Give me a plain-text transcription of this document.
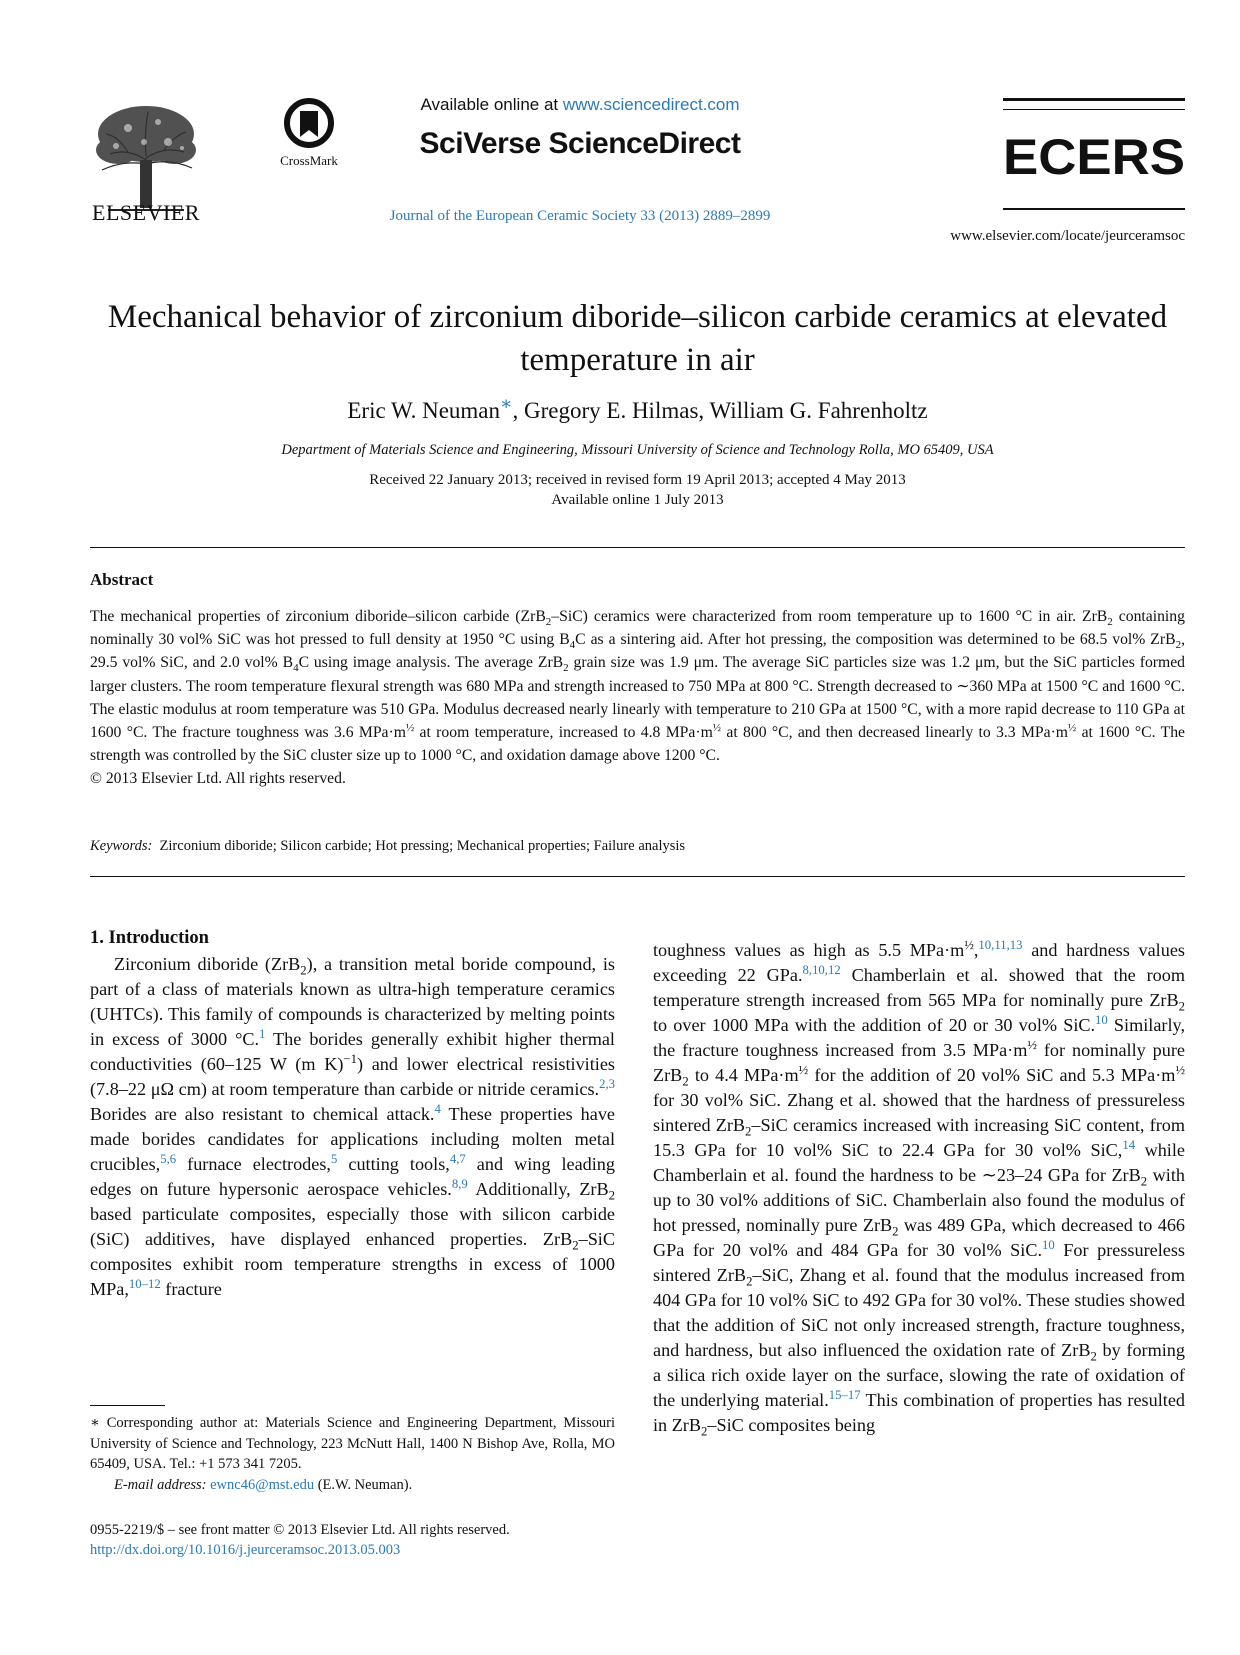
ELSEVIER
CrossMark
Available online at www.sciencedirect.com
SciVerse ScienceDirect
Journal of the European Ceramic Society 33 (2013) 2889–2899
ECERS
www.elsevier.com/locate/jeurceramsoc
Mechanical behavior of zirconium diboride–silicon carbide ceramics at elevated temperature in air
Eric W. Neuman∗, Gregory E. Hilmas, William G. Fahrenholtz
Department of Materials Science and Engineering, Missouri University of Science and Technology Rolla, MO 65409, USA
Received 22 January 2013; received in revised form 19 April 2013; accepted 4 May 2013
Available online 1 July 2013
Abstract

The mechanical properties of zirconium diboride–silicon carbide (ZrB$_2$–SiC) ceramics were characterized from room temperature up to 1600 °C in air. ZrB$_2$ containing nominally 30 vol% SiC was hot pressed to full density at 1950 °C using $B_4C$ as a sintering aid. After hot pressing, the composition was determined to be 68.5 vol% ZrB$_2$, 29.5 vol% SiC, and 2.0 vol% $B_4C$ using image analysis. The average ZrB$_2$ grain size was 1.9 μm. The average SiC particles size was 1.2 μm, but the SiC particles formed larger clusters. The room temperature flexural strength was 680 MPa and strength increased to 750 MPa at 800 °C. Strength decreased to ∼360 MPa at 1500 °C and 1600 °C. The elastic modulus at room temperature was 510 GPa. Modulus decreased nearly linearly with temperature to 210 GPa at 1500 °C, with a more rapid decrease to 110 GPa at 1600 °C. The fracture toughness was 3.6 $MPa\cdot m^{\frac{1}{2}}$ at room temperature, increased to 4.8 $MPa\cdot m^{\frac{1}{2}}$ at 800 °C, and then decreased linearly to 3.3 $MPa\cdot m^{\frac{1}{2}}$ at 1600 °C. The strength was controlled by the SiC cluster size up to 1000 °C, and oxidation damage above 1200 °C.

© 2013 Elsevier Ltd. All rights reserved.

Keywords: Zirconium diboride; Silicon carbide; Hot pressing; Mechanical properties; Failure analysis
1. Introduction

Zirconium diboride (ZrB$_2$), a transition metal boride compound, is part of a class of materials known as ultra-high temperature ceramics (UHTCs). This family of compounds is characterized by melting points in excess of 3000 °C.$^1$ The borides generally exhibit higher thermal conductivities (60–125 W (m K)$^{-1}$) and lower electrical resistivities (7.8–22 μΩ cm) at room temperature than carbide or nitride ceramics.$^{2,3}$ Borides are also resistant to chemical attack.$^4$ These properties have made borides candidates for applications including molten metal crucibles,$^{5,6}$ furnace electrodes,$^5$ cutting tools,$^{4,7}$ and wing leading edges on future hypersonic aerospace vehicles.$^{8,9}$ Additionally, ZrB$_2$ based particulate composites, especially those with silicon carbide (SiC) additives, have displayed enhanced properties. ZrB$_2$–SiC composites exhibit room temperature strengths in excess of 1000 MPa,$^{10-12}$ fracture

toughness values as high as 5.5 $MPa\cdot m^{\frac{1}{2}},^{10,11,13}$ and hardness values exceeding 22 GPa.$^{8,10,12}$ Chamberlain et al. showed that the room temperature strength increased from 565 MPa for nominally pure ZrB$_2$ to over 1000 MPa with the addition of 20 or 30 vol% SiC.$^{10}$ Similarly, the fracture toughness increased from 3.5 $MPa\cdot m^{\frac{1}{2}}$ for nominally pure ZrB$_2$ to 4.4 $MPa\cdot m^{\frac{1}{2}}$ for the addition of 20 vol% SiC and 5.3 $MPa\cdot m^{\frac{1}{2}}$ for 30 vol% SiC. Zhang et al. showed that the hardness of pressureless sintered ZrB$_2$–SiC ceramics increased with increasing SiC content, from 15.3 GPa for 10 vol% SiC to 22.4 GPa for 30 vol% SiC,$^{14}$ while Chamberlain et al. found the hardness to be ∼23–24 GPa for ZrB$_2$ with up to 30 vol% additions of SiC. Chamberlain also found the modulus of hot pressed, nominally pure ZrB$_2$ was 489 GPa, which decreased to 466 GPa for 20 vol% and 484 GPa for 30 vol% SiC.$^{10}$ For pressureless sintered ZrB$_2$–SiC, Zhang et al. found that the modulus increased from 404 GPa for 10 vol% SiC to 492 GPa for 30 vol%. These studies showed that the addition of SiC not only increased strength, fracture toughness, and hardness, but also influenced the oxidation rate of ZrB$_2$ by forming a silica rich oxide layer on the surface, slowing the rate of oxidation of the underlying material.$^{15-17}$ This combination of properties has resulted in ZrB$_2$–SiC composites being

∗ Corresponding author at: Materials Science and Engineering Department, Missouri University of Science and Technology, 223 McNutt Hall, 1400 N Bishop Ave, Rolla, MO 65409, USA. Tel.: +1 573 341 7205.

E-mail address: ewnc46@mst.edu (E.W. Neuman).

0955-2219/$ – see front matter © 2013 Elsevier Ltd. All rights reserved.
http://dx.doi.org/10.1016/j.jeurceramsoc.2013.05.003
